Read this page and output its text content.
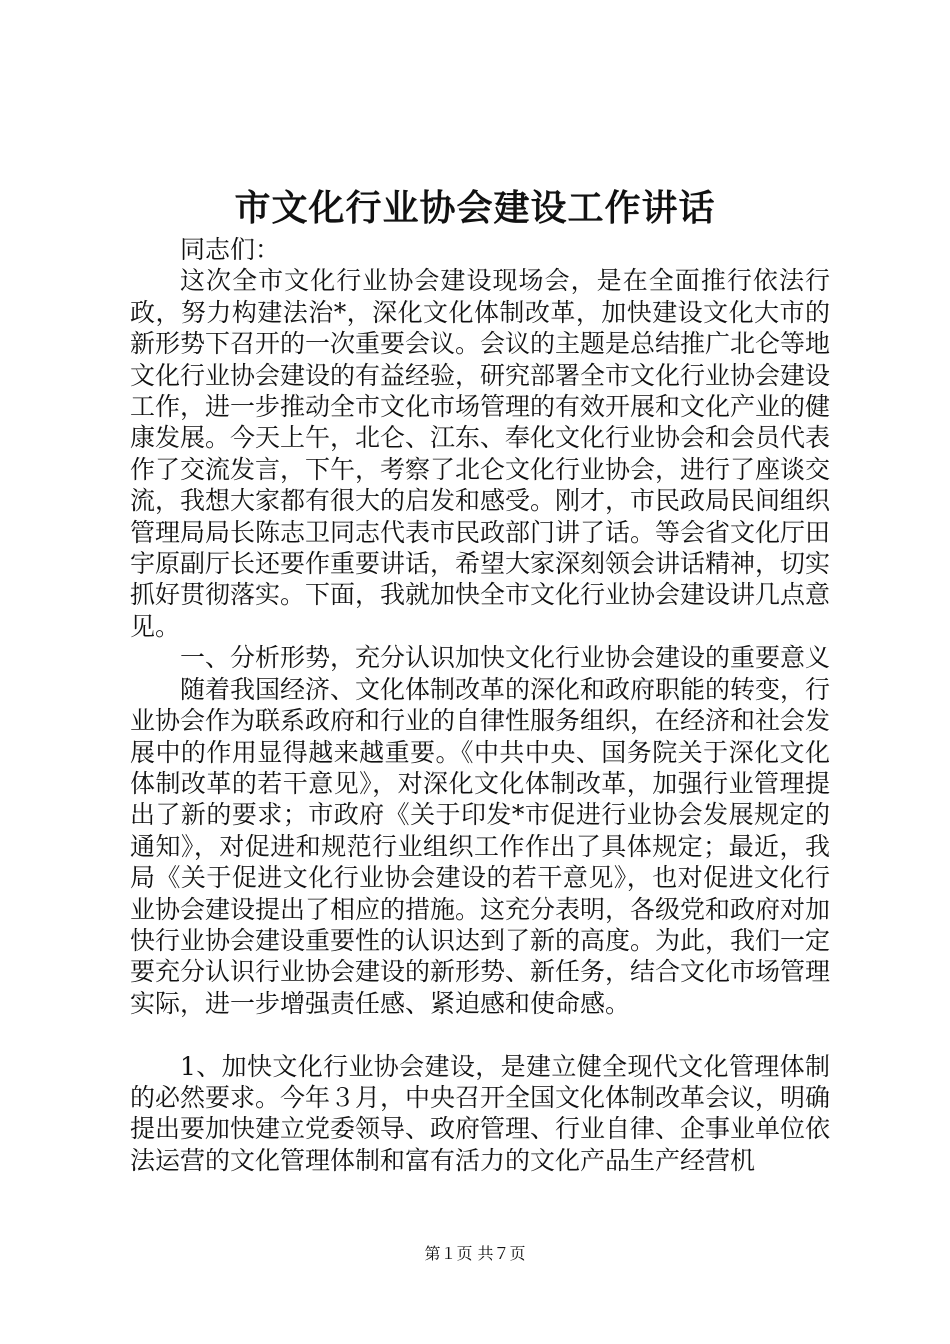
市文化行业协会建设工作讲话

同志们：

这次全市文化行业协会建设现场会，是在全面推行依法行政，努力构建法治*，深化文化体制改革，加快建设文化大市的新形势下召开的一次重要会议。会议的主题是总结推广北仑等地文化行业协会建设的有益经验，研究部署全市文化行业协会建设工作，进一步推动全市文化市场管理的有效开展和文化产业的健康发展。今天上午，北仑、江东、奉化文化行业协会和会员代表作了交流发言，下午，考察了北仑文化行业协会，进行了座谈交流，我想大家都有很大的启发和感受。刚才，市民政局民间组织管理局局长陈志卫同志代表市民政部门讲了话。等会省文化厅田宇原副厅长还要作重要讲话，希望大家深刻领会讲话精神，切实抓好贯彻落实。下面，我就加快全市文化行业协会建设讲几点意见。

一、分析形势，充分认识加快文化行业协会建设的重要意义

随着我国经济、文化体制改革的深化和政府职能的转变，行业协会作为联系政府和行业的自律性服务组织，在经济和社会发展中的作用显得越来越重要。《中共中央、国务院关于深化文化体制改革的若干意见》，对深化文化体制改革，加强行业管理提出了新的要求；市政府《关于印发*市促进行业协会发展规定的通知》，对促进和规范行业组织工作作出了具体规定；最近，我局《关于促进文化行业协会建设的若干意见》，也对促进文化行业协会建设提出了相应的措施。这充分表明，各级党和政府对加快行业协会建设重要性的认识达到了新的高度。为此，我们一定要充分认识行业协会建设的新形势、新任务，结合文化市场管理实际，进一步增强责任感、紧迫感和使命感。

1、加快文化行业协会建设，是建立健全现代文化管理体制的必然要求。今年３月，中央召开全国文化体制改革会议，明确提出要加快建立党委领导、政府管理、行业自律、企事业单位依法运营的文化管理体制和富有活力的文化产品生产经营机

第１页 共７页
